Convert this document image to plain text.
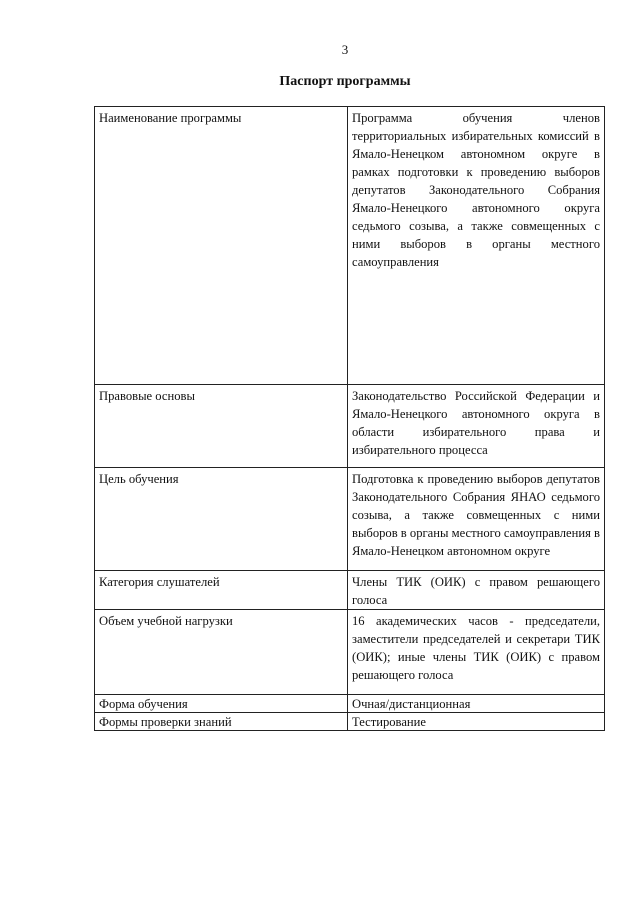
3
Паспорт программы
Наименование программы	Программа обучения членов территориальных избирательных комиссий в Ямало-Ненецком автономном округе в рамках подготовки к проведению выборов депутатов Законодательного Собрания Ямало-Ненецкого автономного округа седьмого созыва, а также совмещенных с ними выборов в органы местного самоуправления

Правовые основы	Законодательство Российской Федерации и Ямало-Ненецкого автономного округа в области избирательного права и избирательного процесса

Цель обучения	Подготовка к проведению выборов депутатов Законодательного Собрания ЯНАО седьмого созыва, а также совмещенных с ними выборов в органы местного самоуправления в Ямало-Ненецком автономном округе

Категория слушателей	Члены ТИК (ОИК) с правом решающего голоса

Объем учебной нагрузки	16 академических часов - председатели, заместители председателей и секретари ТИК (ОИК); иные члены ТИК (ОИК) с правом решающего голоса

Форма обучения	Очная/дистанционная

Формы проверки знаний	Тестирование
